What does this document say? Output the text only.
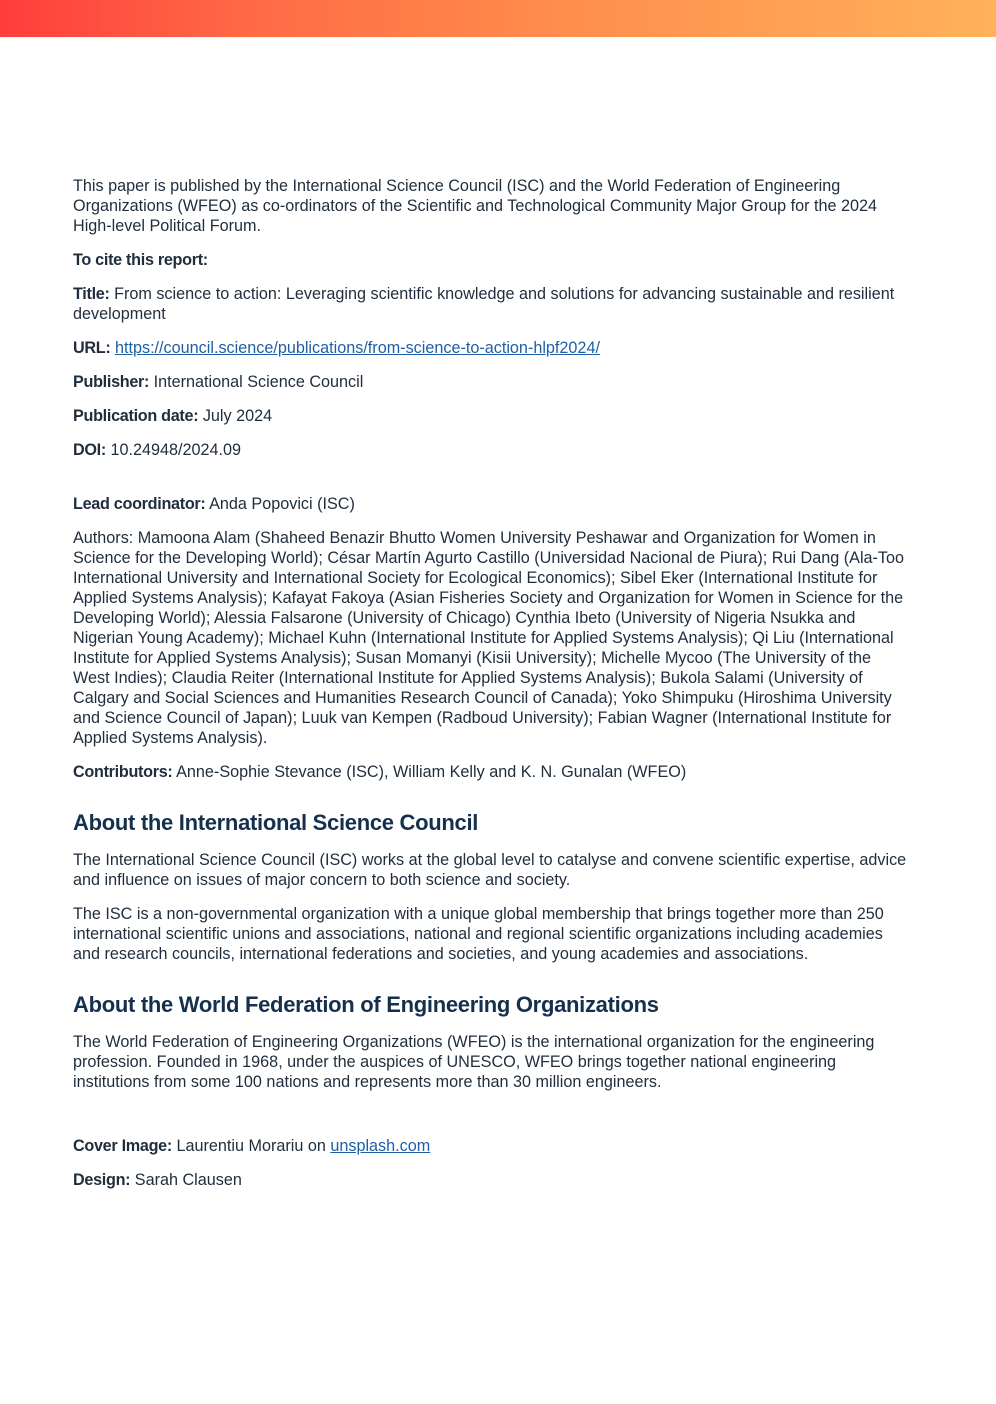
This paper is published by the International Science Council (ISC) and the World Federation of Engineering Organizations (WFEO) as co-ordinators of the Scientific and Technological Community Major Group for the 2024 High-level Political Forum.

To cite this report:

Title: From science to action: Leveraging scientific knowledge and solutions for advancing sustainable and resilient development

URL: https://council.science/publications/from-science-to-action-hlpf2024/

Publisher: International Science Council

Publication date: July 2024

DOI: 10.24948/2024.09

Lead coordinator: Anda Popovici (ISC)

Authors: Mamoona Alam (Shaheed Benazir Bhutto Women University Peshawar and Organization for Women in Science for the Developing World); César Martín Agurto Castillo (Universidad Nacional de Piura); Rui Dang (Ala-Too International University and International Society for Ecological Economics); Sibel Eker (International Institute for Applied Systems Analysis); Kafayat Fakoya (Asian Fisheries Society and Organization for Women in Science for the Developing World); Alessia Falsarone (University of Chicago) Cynthia Ibeto (University of Nigeria Nsukka and Nigerian Young Academy); Michael Kuhn (International Institute for Applied Systems Analysis); Qi Liu (International Institute for Applied Systems Analysis); Susan Momanyi (Kisii University); Michelle Mycoo (The University of the West Indies); Claudia Reiter (International Institute for Applied Systems Analysis); Bukola Salami (University of Calgary and Social Sciences and Humanities Research Council of Canada); Yoko Shimpuku (Hiroshima University and Science Council of Japan); Luuk van Kempen (Radboud University); Fabian Wagner (International Institute for Applied Systems Analysis).

Contributors: Anne-Sophie Stevance (ISC), William Kelly and K. N. Gunalan (WFEO)

About the International Science Council

The International Science Council (ISC) works at the global level to catalyse and convene scientific expertise, advice and influence on issues of major concern to both science and society.

The ISC is a non-governmental organization with a unique global membership that brings together more than 250 international scientific unions and associations, national and regional scientific organizations including academies and research councils, international federations and societies, and young academies and associations.

About the World Federation of Engineering Organizations

The World Federation of Engineering Organizations (WFEO) is the international organization for the engineering profession. Founded in 1968, under the auspices of UNESCO, WFEO brings together national engineering institutions from some 100 nations and represents more than 30 million engineers.

Cover Image: Laurentiu Morariu on unsplash.com

Design: Sarah Clausen
